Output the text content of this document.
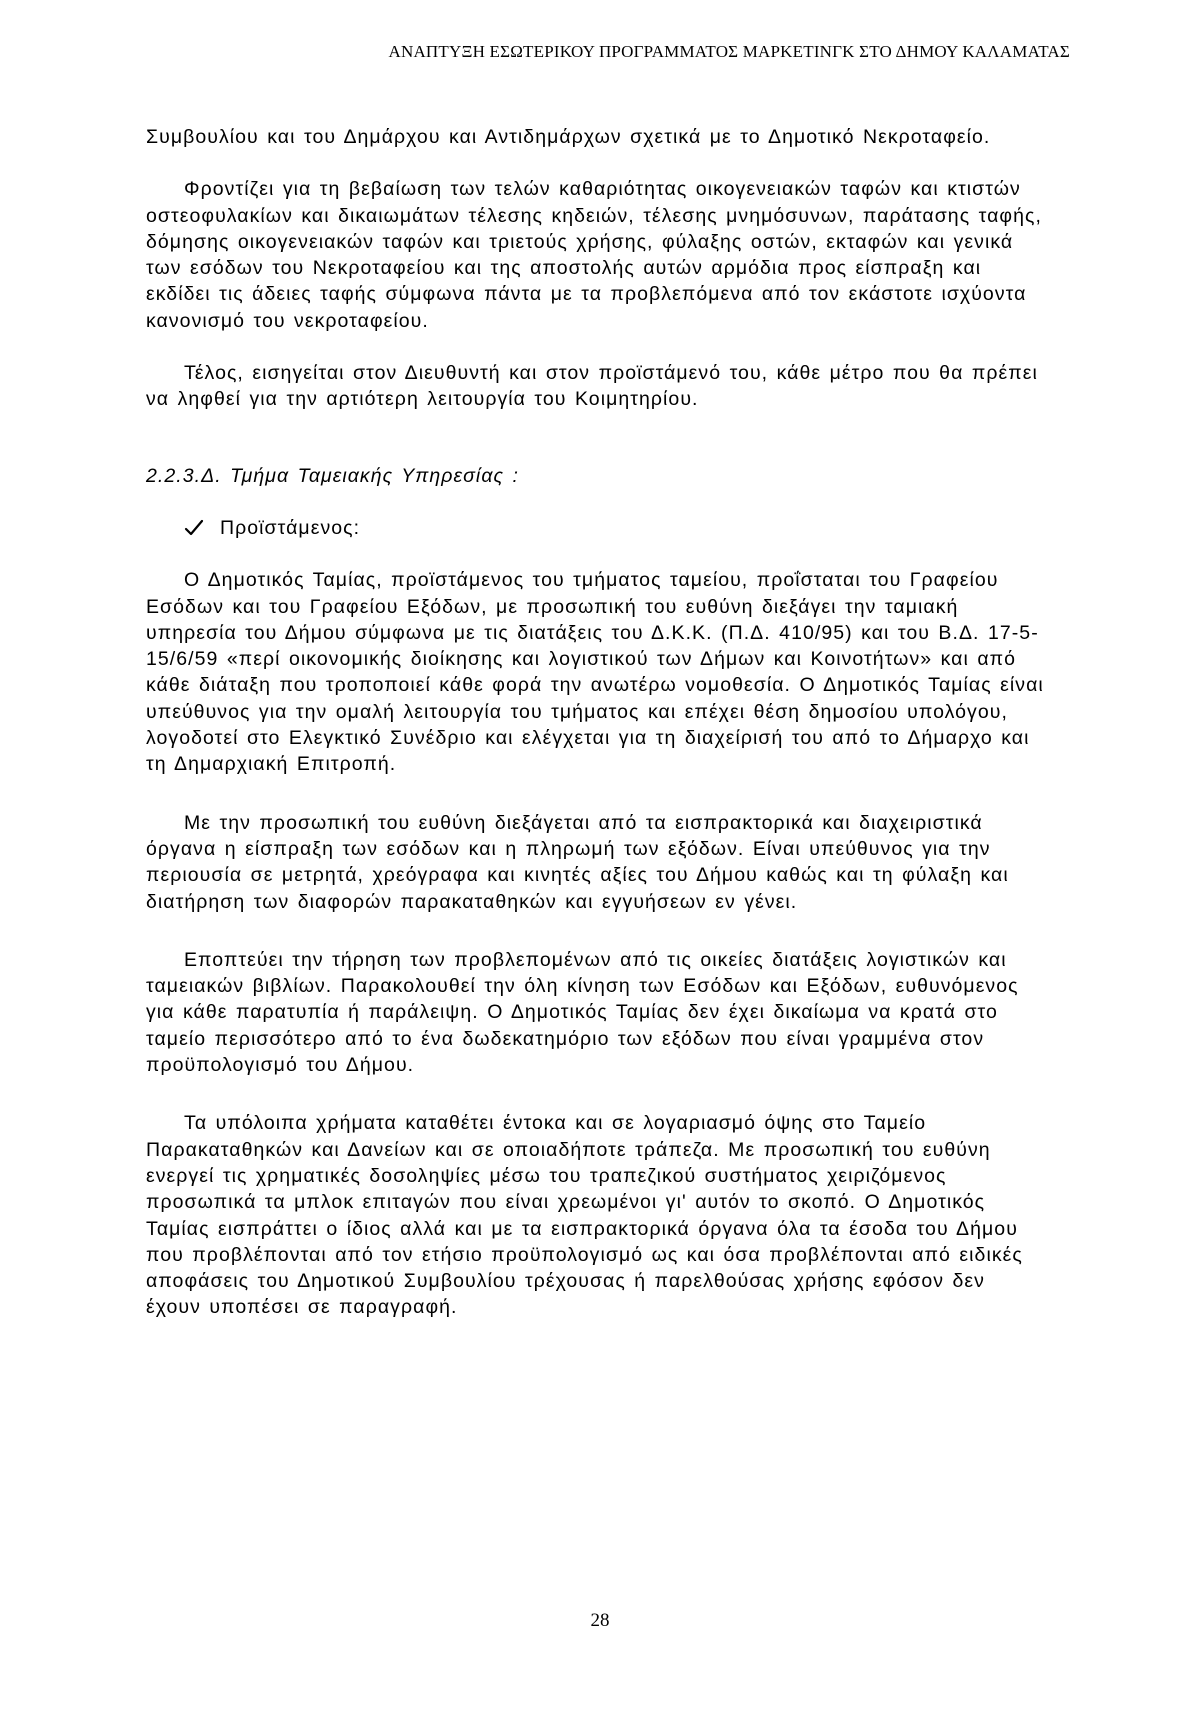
ΑΝΑΠΤΥΞΗ ΕΣΩΤΕΡΙΚΟΥ ΠΡΟΓΡΑΜΜΑΤΟΣ ΜΑΡΚΕΤΙΝΓΚ ΣΤΟ ΔΗΜΟΥ ΚΑΛΑΜΑΤΑΣ

Συμβουλίου και του Δημάρχου και Αντιδημάρχων σχετικά με το Δημοτικό Νεκροταφείο.

Φροντίζει για τη βεβαίωση των τελών καθαριότητας οικογενειακών ταφών και κτιστών οστεοφυλακίων και δικαιωμάτων τέλεσης κηδειών, τέλεσης μνημόσυνων, παράτασης ταφής, δόμησης οικογενειακών ταφών και τριετούς χρήσης, φύλαξης οστών, εκταφών και γενικά των εσόδων του Νεκροταφείου και της αποστολής αυτών αρμόδια προς είσπραξη και εκδίδει τις άδειες ταφής σύμφωνα πάντα με τα προβλεπόμενα από τον εκάστοτε ισχύοντα κανονισμό του νεκροταφείου.

Τέλος, εισηγείται στον Διευθυντή και στον προϊστάμενό του, κάθε μέτρο που θα πρέπει να ληφθεί για την αρτιότερη λειτουργία του Κοιμητηρίου.

2.2.3.Δ. Τμήμα Ταμειακής Υπηρεσίας :

Προϊστάμενος:

Ο Δημοτικός Ταμίας, προϊστάμενος του τμήματος ταμείου, προΐσταται του Γραφείου Εσόδων και του Γραφείου Εξόδων, με προσωπική του ευθύνη διεξάγει την ταμιακή υπηρεσία του Δήμου σύμφωνα με τις διατάξεις του Δ.Κ.Κ. (Π.Δ. 410/95) και του Β.Δ. 17-5-15/6/59 «περί οικονομικής διοίκησης και λογιστικού των Δήμων και Κοινοτήτων» και από κάθε διάταξη που τροποποιεί κάθε φορά την ανωτέρω νομοθεσία. Ο Δημοτικός Ταμίας είναι υπεύθυνος για την ομαλή λειτουργία του τμήματος και επέχει θέση δημοσίου υπολόγου, λογοδοτεί στο Ελεγκτικό Συνέδριο και ελέγχεται για τη διαχείρισή του από το Δήμαρχο και τη Δημαρχιακή Επιτροπή.

Με την προσωπική του ευθύνη διεξάγεται από τα εισπρακτορικά και διαχειριστικά όργανα η είσπραξη των εσόδων και η πληρωμή των εξόδων. Είναι υπεύθυνος για την περιουσία σε μετρητά, χρεόγραφα και κινητές αξίες του Δήμου καθώς και τη φύλαξη και διατήρηση των διαφορών παρακαταθηκών και εγγυήσεων εν γένει.

Εποπτεύει την τήρηση των προβλεπομένων από τις οικείες διατάξεις λογιστικών και ταμειακών βιβλίων. Παρακολουθεί την όλη κίνηση των Εσόδων και Εξόδων, ευθυνόμενος για κάθε παρατυπία ή παράλειψη. Ο Δημοτικός Ταμίας δεν έχει δικαίωμα να κρατά στο ταμείο περισσότερο από το ένα δωδεκατημόριο των εξόδων που είναι γραμμένα στον προϋπολογισμό του Δήμου.

Τα υπόλοιπα χρήματα καταθέτει έντοκα και σε λογαριασμό όψης στο Ταμείο Παρακαταθηκών και Δανείων και σε οποιαδήποτε τράπεζα. Με προσωπική του ευθύνη ενεργεί τις χρηματικές δοσοληψίες μέσω του τραπεζικού συστήματος χειριζόμενος προσωπικά τα μπλοκ επιταγών που είναι χρεωμένοι γι' αυτόν το σκοπό. Ο Δημοτικός Ταμίας εισπράττει ο ίδιος αλλά και με τα εισπρακτορικά όργανα όλα τα έσοδα του Δήμου που προβλέπονται από τον ετήσιο προϋπολογισμό ως και όσα προβλέπονται από ειδικές αποφάσεις του Δημοτικού Συμβουλίου τρέχουσας ή παρελθούσας χρήσης εφόσον δεν έχουν υποπέσει σε παραγραφή.

28
